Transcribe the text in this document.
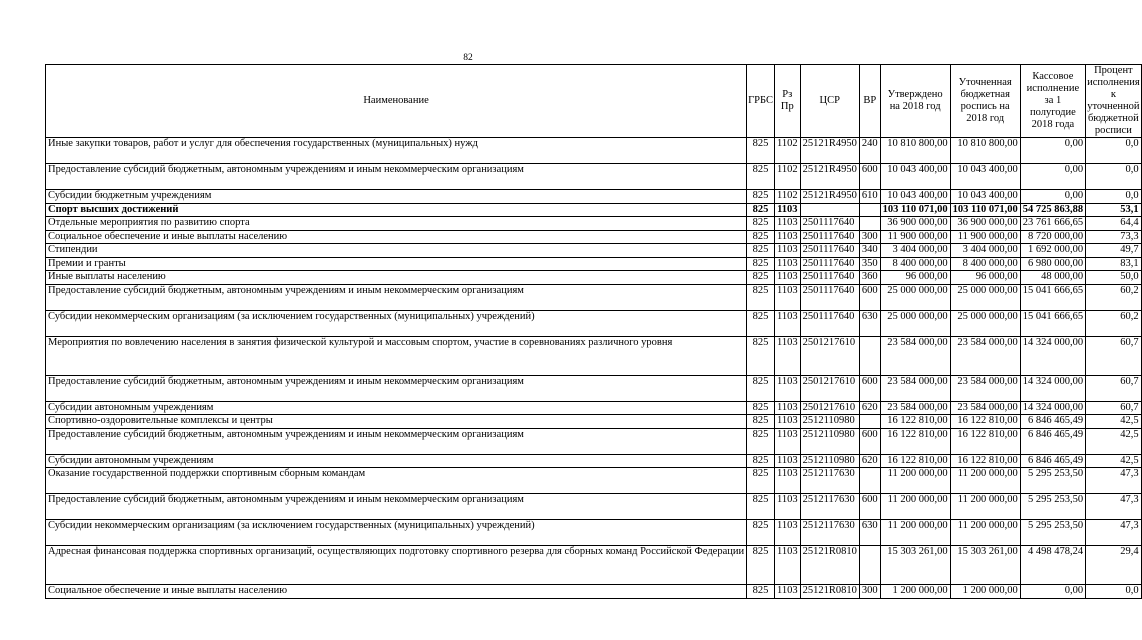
82
Наименование	ГРБС	Рз Пр	ЦСР	ВР	Утверждено на 2018 год	Уточненная бюджетная роспись на 2018 год	Кассовое исполнение за 1 полугодие 2018 года	Процент исполнения к уточненной бюджетной росписи
Иные закупки товаров, работ и услуг для обеспечения государственных (муниципальных) нужд	825	1102	25121R4950	240	10 810 800,00	10 810 800,00	0,00	0,0
Предоставление субсидий бюджетным, автономным учреждениям и иным некоммерческим организациям	825	1102	25121R4950	600	10 043 400,00	10 043 400,00	0,00	0,0
Субсидии бюджетным учреждениям	825	1102	25121R4950	610	10 043 400,00	10 043 400,00	0,00	0,0
Спорт высших достижений	825	1103			103 110 071,00	103 110 071,00	54 725 863,88	53,1
Отдельные мероприятия по развитию спорта	825	1103	2501117640		36 900 000,00	36 900 000,00	23 761 666,65	64,4
Социальное обеспечение и иные выплаты населению	825	1103	2501117640	300	11 900 000,00	11 900 000,00	8 720 000,00	73,3
Стипендии	825	1103	2501117640	340	3 404 000,00	3 404 000,00	1 692 000,00	49,7
Премии и гранты	825	1103	2501117640	350	8 400 000,00	8 400 000,00	6 980 000,00	83,1
Иные выплаты населению	825	1103	2501117640	360	96 000,00	96 000,00	48 000,00	50,0
Предоставление субсидий бюджетным, автономным учреждениям и иным некоммерческим организациям	825	1103	2501117640	600	25 000 000,00	25 000 000,00	15 041 666,65	60,2
Субсидии некоммерческим организациям (за исключением государственных (муниципальных) учреждений)	825	1103	2501117640	630	25 000 000,00	25 000 000,00	15 041 666,65	60,2
Мероприятия по вовлечению населения в занятия физической культурой и массовым спортом, участие в соревнованиях различного уровня	825	1103	2501217610		23 584 000,00	23 584 000,00	14 324 000,00	60,7
Предоставление субсидий бюджетным, автономным учреждениям и иным некоммерческим организациям	825	1103	2501217610	600	23 584 000,00	23 584 000,00	14 324 000,00	60,7
Субсидии автономным учреждениям	825	1103	2501217610	620	23 584 000,00	23 584 000,00	14 324 000,00	60,7
Спортивно-оздоровительные комплексы и центры	825	1103	2512110980		16 122 810,00	16 122 810,00	6 846 465,49	42,5
Предоставление субсидий бюджетным, автономным учреждениям и иным некоммерческим организациям	825	1103	2512110980	600	16 122 810,00	16 122 810,00	6 846 465,49	42,5
Субсидии автономным учреждениям	825	1103	2512110980	620	16 122 810,00	16 122 810,00	6 846 465,49	42,5
Оказание государственной поддержки спортивным сборным командам	825	1103	2512117630		11 200 000,00	11 200 000,00	5 295 253,50	47,3
Предоставление субсидий бюджетным, автономным учреждениям и иным некоммерческим организациям	825	1103	2512117630	600	11 200 000,00	11 200 000,00	5 295 253,50	47,3
Субсидии некоммерческим организациям (за исключением государственных (муниципальных) учреждений)	825	1103	2512117630	630	11 200 000,00	11 200 000,00	5 295 253,50	47,3
Адресная финансовая поддержка спортивных организаций, осуществляющих подготовку спортивного резерва для сборных команд Российской Федерации	825	1103	25121R0810		15 303 261,00	15 303 261,00	4 498 478,24	29,4
Социальное обеспечение и иные выплаты населению	825	1103	25121R0810	300	1 200 000,00	1 200 000,00	0,00	0,0
